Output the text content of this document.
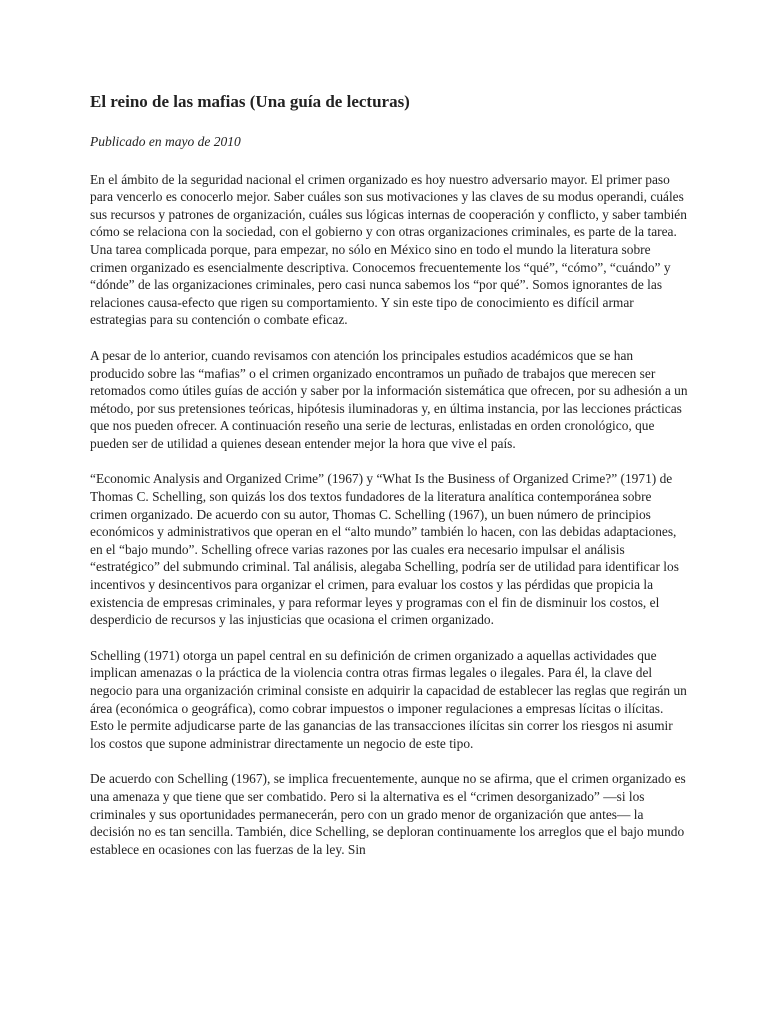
El reino de las mafias (Una guía de lecturas)

Publicado en mayo de 2010

En el ámbito de la seguridad nacional el crimen organizado es hoy nuestro adversario mayor. El primer paso para vencerlo es conocerlo mejor. Saber cuáles son sus motivaciones y las claves de su modus operandi, cuáles sus recursos y patrones de organización, cuáles sus lógicas internas de cooperación y conflicto, y saber también cómo se relaciona con la sociedad, con el gobierno y con otras organizaciones criminales, es parte de la tarea. Una tarea complicada porque, para empezar, no sólo en México sino en todo el mundo la literatura sobre crimen organizado es esencialmente descriptiva. Conocemos frecuentemente los “qué”, “cómo”, “cuándo” y “dónde” de las organizaciones criminales, pero casi nunca sabemos los “por qué”. Somos ignorantes de las relaciones causa-efecto que rigen su comportamiento. Y sin este tipo de conocimiento es difícil armar estrategias para su contención o combate eficaz.

A pesar de lo anterior, cuando revisamos con atención los principales estudios académicos que se han producido sobre las “mafias” o el crimen organizado encontramos un puñado de trabajos que merecen ser retomados como útiles guías de acción y saber por la información sistemática que ofrecen, por su adhesión a un método, por sus pretensiones teóricas, hipótesis iluminadoras y, en última instancia, por las lecciones prácticas que nos pueden ofrecer. A continuación reseño una serie de lecturas, enlistadas en orden cronológico, que pueden ser de utilidad a quienes desean entender mejor la hora que vive el país.

“Economic Analysis and Organized Crime” (1967) y “What Is the Business of Organized Crime?” (1971) de Thomas C. Schelling, son quizás los dos textos fundadores de la literatura analítica contemporánea sobre crimen organizado. De acuerdo con su autor, Thomas C. Schelling (1967), un buen número de principios económicos y administrativos que operan en el “alto mundo” también lo hacen, con las debidas adaptaciones, en el “bajo mundo”. Schelling ofrece varias razones por las cuales era necesario impulsar el análisis “estratégico” del submundo criminal. Tal análisis, alegaba Schelling, podría ser de utilidad para identificar los incentivos y desincentivos para organizar el crimen, para evaluar los costos y las pérdidas que propicia la existencia de empresas criminales, y para reformar leyes y programas con el fin de disminuir los costos, el desperdicio de recursos y las injusticias que ocasiona el crimen organizado.

Schelling (1971) otorga un papel central en su definición de crimen organizado a aquellas actividades que implican amenazas o la práctica de la violencia contra otras firmas legales o ilegales. Para él, la clave del negocio para una organización criminal consiste en adquirir la capacidad de establecer las reglas que regirán un área (económica o geográfica), como cobrar impuestos o imponer regulaciones a empresas lícitas o ilícitas. Esto le permite adjudicarse parte de las ganancias de las transacciones ilícitas sin correr los riesgos ni asumir los costos que supone administrar directamente un negocio de este tipo.

De acuerdo con Schelling (1967), se implica frecuentemente, aunque no se afirma, que el crimen organizado es una amenaza y que tiene que ser combatido. Pero si la alternativa es el “crimen desorganizado” —si los criminales y sus oportunidades permanecerán, pero con un grado menor de organización que antes— la decisión no es tan sencilla. También, dice Schelling, se deploran continuamente los arreglos que el bajo mundo establece en ocasiones con las fuerzas de la ley. Sin
